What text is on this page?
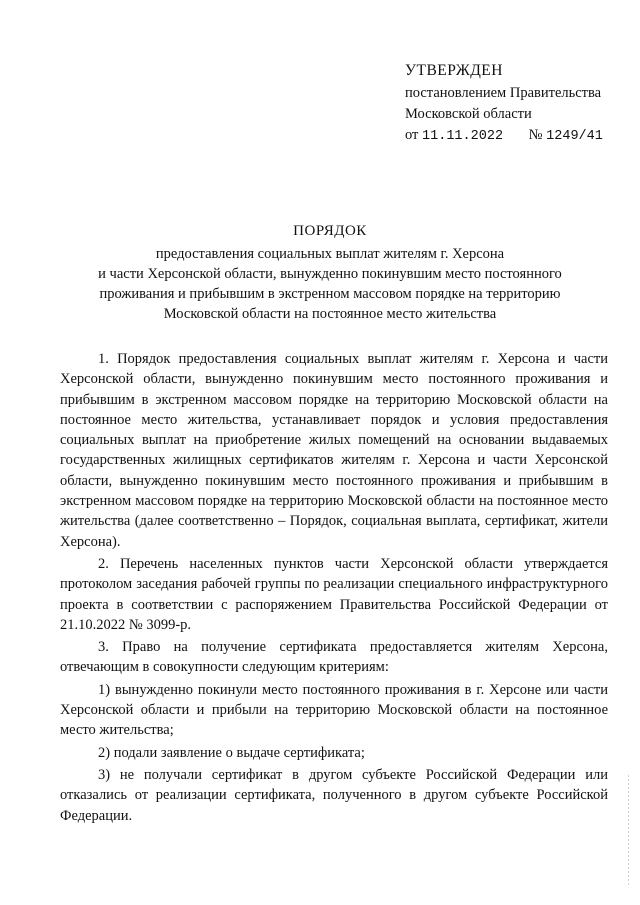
УТВЕРЖДЕН
постановлением Правительства
Московской области
от 11.11.2022 № 1249/41
ПОРЯДОК
предоставления социальных выплат жителям г. Херсона
и части Херсонской области, вынужденно покинувшим место постоянного
проживания и прибывшим в экстренном массовом порядке на территорию
Московской области на постоянное место жительства

1. Порядок предоставления социальных выплат жителям г. Херсона и части Херсонской области, вынужденно покинувшим место постоянного проживания и прибывшим в экстренном массовом порядке на территорию Московской области на постоянное место жительства, устанавливает порядок и условия предоставления социальных выплат на приобретение жилых помещений на основании выдаваемых государственных жилищных сертификатов жителям г. Херсона и части Херсонской области, вынужденно покинувшим место постоянного проживания и прибывшим в экстренном массовом порядке на территорию Московской области на постоянное место жительства (далее соответственно – Порядок, социальная выплата, сертификат, жители Херсона).

2. Перечень населенных пунктов части Херсонской области утверждается протоколом заседания рабочей группы по реализации специального инфраструктурного проекта в соответствии с распоряжением Правительства Российской Федерации от 21.10.2022 № 3099-р.

3. Право на получение сертификата предоставляется жителям Херсона, отвечающим в совокупности следующим критериям:

1) вынужденно покинули место постоянного проживания в г. Херсоне или части Херсонской области и прибыли на территорию Московской области на постоянное место жительства;

2) подали заявление о выдаче сертификата;

3) не получали сертификат в другом субъекте Российской Федерации или отказались от реализации сертификата, полученного в другом субъекте Российской Федерации.
